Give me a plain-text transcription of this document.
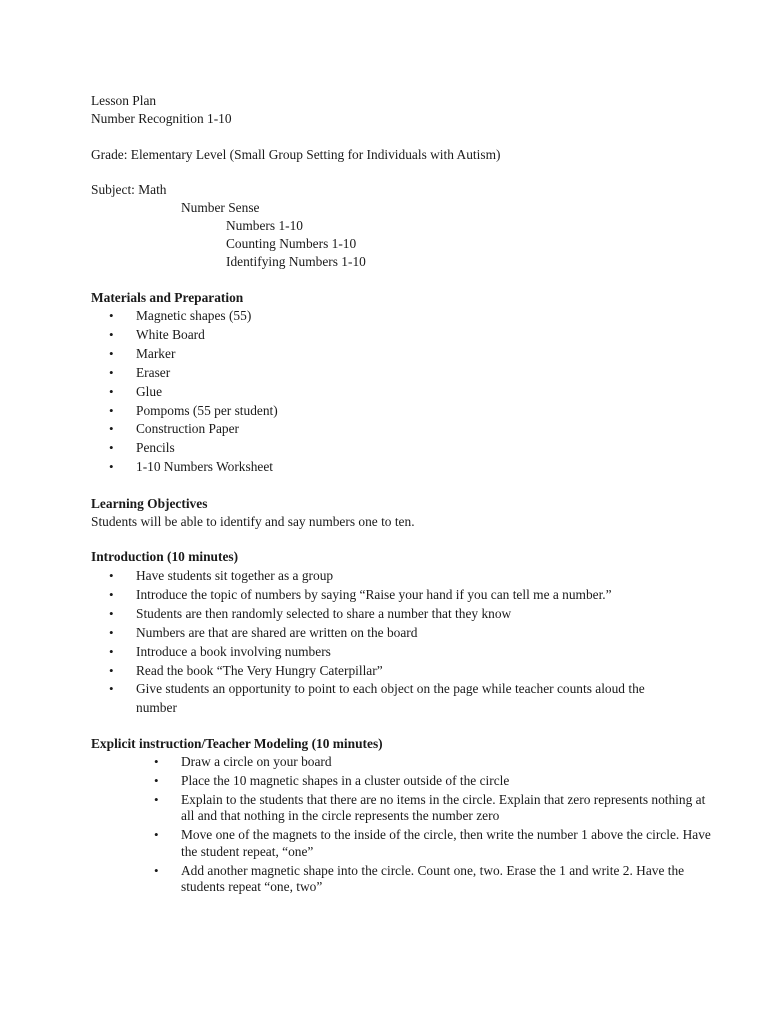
Lesson Plan
Number Recognition 1-10
Grade: Elementary Level (Small Group Setting for Individuals with Autism)
Subject: Math
Number Sense
Numbers 1-10
Counting Numbers 1-10
Identifying Numbers 1-10
Materials and Preparation
• Magnetic shapes (55)
• White Board
• Marker
• Eraser
• Glue
• Pompoms (55 per student)
• Construction Paper
• Pencils
• 1-10 Numbers Worksheet
Learning Objectives
Students will be able to identify and say numbers one to ten.
Introduction (10 minutes)
• Have students sit together as a group
• Introduce the topic of numbers by saying “Raise your hand if you can tell me a number.”
• Students are then randomly selected to share a number that they know
• Numbers are that are shared are written on the board
• Introduce a book involving numbers
• Read the book “The Very Hungry Caterpillar”
• Give students an opportunity to point to each object on the page while teacher counts aloud the number
Explicit instruction/Teacher Modeling (10 minutes)
• Draw a circle on your board
• Place the 10 magnetic shapes in a cluster outside of the circle
• Explain to the students that there are no items in the circle. Explain that zero represents nothing at all and that nothing in the circle represents the number zero
• Move one of the magnets to the inside of the circle, then write the number 1 above the circle. Have the student repeat, “one”
• Add another magnetic shape into the circle. Count one, two. Erase the 1 and write 2. Have the students repeat “one, two”
